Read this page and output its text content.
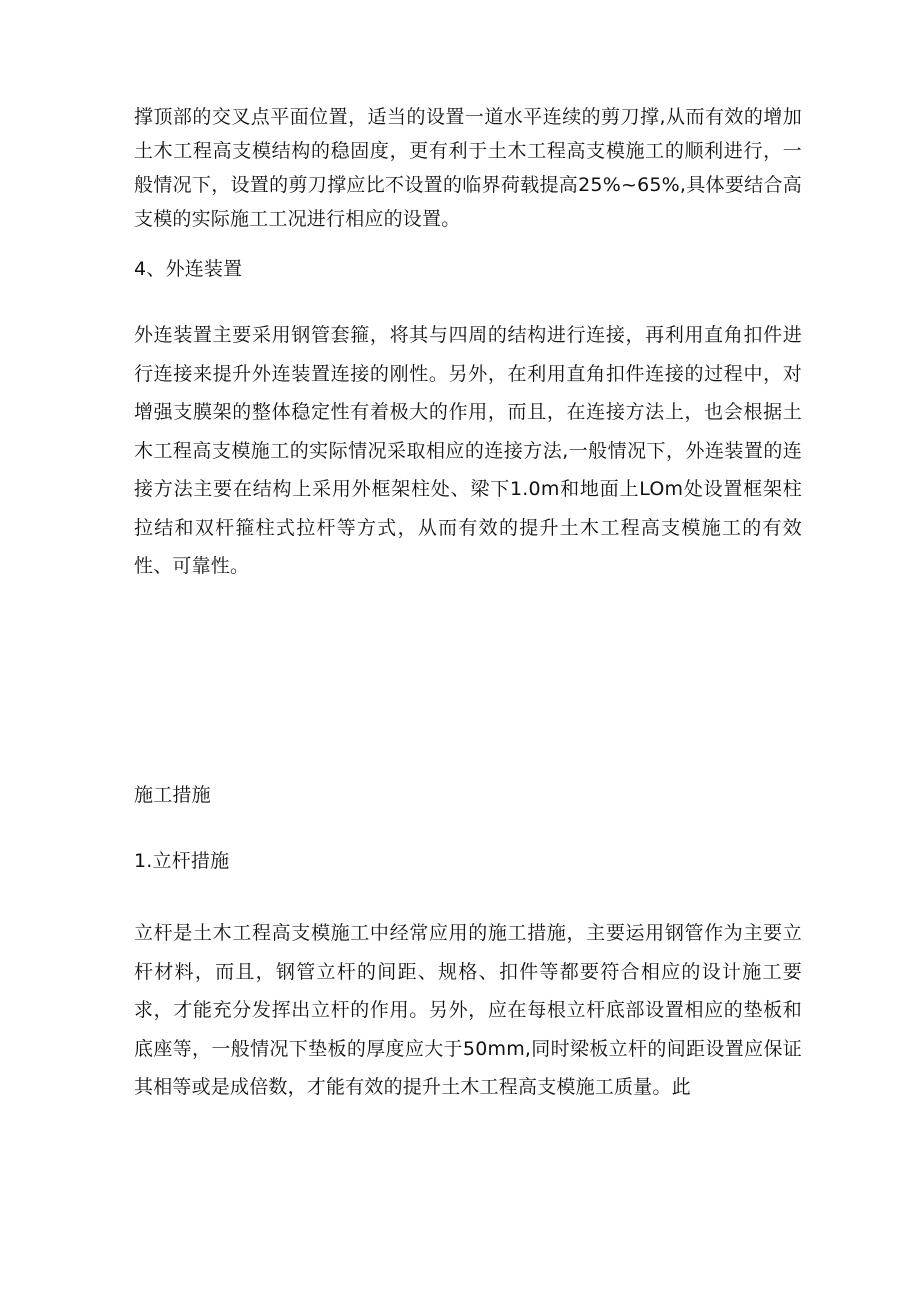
撑顶部的交叉点平面位置，适当的设置一道水平连续的剪刀撑,从而有效的增加土木工程高支模结构的稳固度，更有利于土木工程高支模施工的顺利进行，一般情况下，设置的剪刀撑应比不设置的临界荷载提高25%~65%,具体要结合高支模的实际施工工况进行相应的设置。

4、外连装置

外连装置主要采用钢管套箍，将其与四周的结构进行连接，再利用直角扣件进行连接来提升外连装置连接的刚性。另外，在利用直角扣件连接的过程中，对增强支膜架的整体稳定性有着极大的作用，而且，在连接方法上，也会根据土木工程高支模施工的实际情况采取相应的连接方法,一般情况下，外连装置的连接方法主要在结构上采用外框架柱处、梁下1.0m和地面上LOm处设置框架柱拉结和双杆箍柱式拉杆等方式，从而有效的提升土木工程高支模施工的有效性、可靠性。

施工措施
1.立杆措施

立杆是土木工程高支模施工中经常应用的施工措施，主要运用钢管作为主要立杆材料，而且，钢管立杆的间距、规格、扣件等都要符合相应的设计施工要求，才能充分发挥出立杆的作用。另外，应在每根立杆底部设置相应的垫板和底座等，一般情况下垫板的厚度应大于50mm,同时梁板立杆的间距设置应保证其相等或是成倍数，才能有效的提升土木工程高支模施工质量。此
